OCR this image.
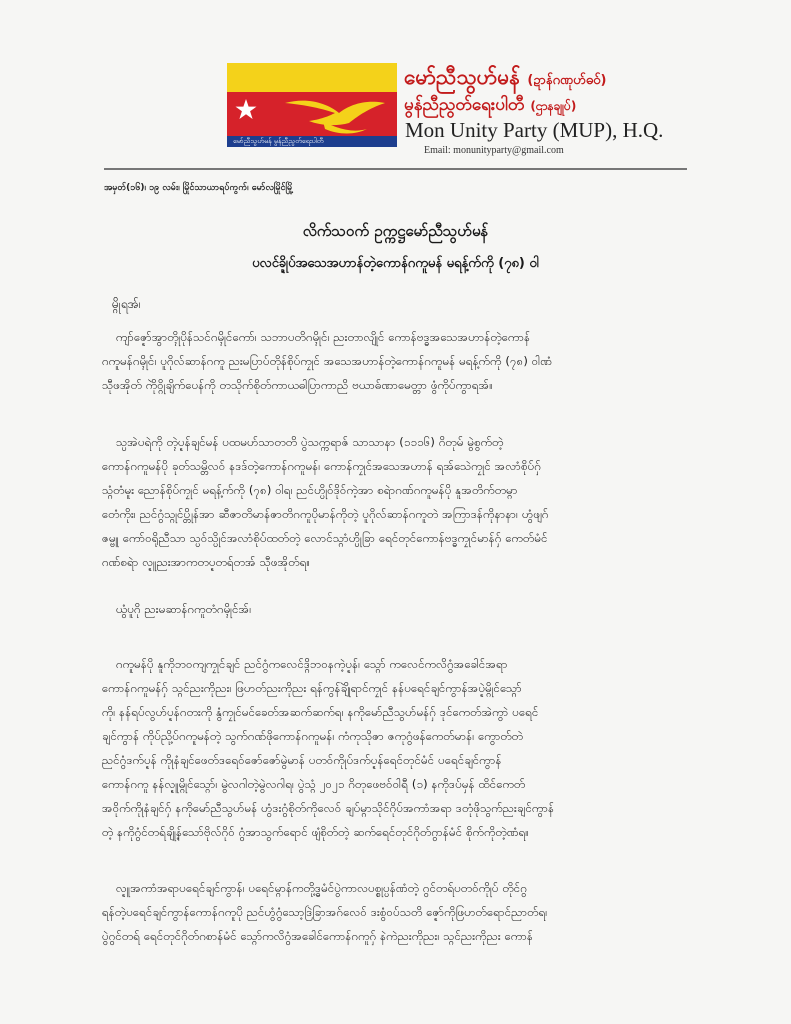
မော်ညီသွဟ်မန် မွန်ညီညွတ်ရေးပါတီ
မော်ညီသွဟ်မန် (ဍာန်ဂဏုဟ်ဓဝ်)
မွန်ညီညွတ်ရေးပါတီ (ဌာနချုပ်)
Mon Unity Party (MUP), H.Q.
Email: monunityparty@gmail.com
အမှတ်(၁၆)၊ ၁၉ လမ်း၊ မြိုင်သာယာရပ်ကွက်၊ မော်လမြိုင်မြို့
လိက်သဝက် ဥက္ကဋ္ဌမော်ညီသွဟ်မန်
ပလင်ခ္ဍိုပ်အသေအဟာန်တဲ့ကောန်ဂကူမန် မရန့်က်ကို (၇၈) ဝါ
မ္ဂိုရအ်၊
ကျာ်ဇ္ဍော်အွာတ္ၚိုပိုန်သင်ဂမ္ၚိုင်ကော်၊ သဘာပတိဂမ္ၚိုင်၊ ညးတာလျိုၚ် ကောန်ဗဒ္ဓအသေအဟာန်တဲ့ကောန်
ဂကူမန်ဂမ္ၚိုင်၊ ပူဂိုလ်ဆာန်ဂကူ ညးမပြာပ်တိုန်စိုပ်ကၠုင် အသေအဟာန်တဲ့ကောန်ဂကူမန် မရန့်က်ကို (၇၈) ဝါဏံ
သီုဖအိုတ် ကိုဲဝ္ဂိုချိက်ပေန်ကို တသိုက်စိုတ်ကာယဓါပြာကာညိ ဗယာဓ်ဏာမေတ္တာ ဖွံကိုပ်ကွာရအ်။
သ္ပအဲပရဲကို တ္ၚဲပ္ဍန်ချင်မန် ပထမဟ်သာတတိ ပွဲသက္ကရာဇ် သာသာနာ (၁၁၁၆) ဂိတုမ် မွဲစွက်တဲ့
ကောန်ဂကူမန်ပို ခုတ်သမ္တိလဝ် နဒဒ်တဲ့ကောန်ဂကူမန်၊ ကောန်ကၠုင်အသေအဟာန် ရအ်သေဲကၠုင် အလာံစိုပ်ဂှ်
သ္ဂံတံမူး ညောန်စိုပ်ကၠုင် မရန့်က်ကို (၇၈) ဝါရ၊ ညင်ဟ္ပိုဝ်ဒိုဝ်ကဲ့အာ စရဲာဂဏ်ဂကူမန်ပို နူအတိက်တမ္ဂာ
တေံကိုး၊ ညင်ဂွံသ္ဂုင်ပ္တိုန်အာ ဆီဇာတိမာန်ဇာတိဂကူပိုမာန်ကိုတဲ့ ပူဂိုလ်ဆာန်ဂကူတဲ အကြာဒန်ကိုနာနာ၊ ဟွံဖျဂ်
ဇမ္ဗူ ကော်ဝရိုညီသာ သ္ပဝ်သ္ပိုင်အလာံစိုပ်ထတ်တဲ့ လောင်သ္ဂာံဟ္ပိုခြာ ရေင်တုင်ကောန်ဗဒ္ဓကၠုင်မာန်ဂှ် ကေတ်မံင်
ဂဏ်စရဲာ လ္ဍူညးအာကတပ္ဍတရ်တအ် သီုဖအိုတ်ရ။
ယွံပူဂို ညးမဆာန်ဂကူတံဂမ္ၚိုင်အ်၊
ဂကူမန်ပို နူကိုဘဝကျကၠုင်ချင် ညင်ဂွံကလေင်ဒ္ဂိဘဝနကဲ့ပ္ဍန်၊ သ္ဂော် ကလေင်ကလိဂွံအခေါင်အရာ
ကောန်ဂကူမန်ဂှ် သ္ဂင်ညးကိုညး၊ ဖြဟတ်ညးကိုညး ရန်ကွန်ချိုဲရာင်ကၠုင် နန်ပရေင်ချင်ကွာန်အပ္ဍဲမ္ဂိုင်သ္ဂော်
ကို၊ နန်ရပ်လွဟ်ပ္ဍန်ဂတးကို နွံကၠုင်မင်ခေတ်အဆက်ဆက်ရ၊ နကိုမော်ညီသွဟ်မန်ဂှ် ဒုင်ကေတ်အဲကွာဲ ပရေင်
ချင်ကွာန် ကိုပ်ညို့ပ်ဂကူမန်တဲ့ သွက်ဂဏ်ဖိုကောန်ဂကူမန်၊ ကံကုသိုဇာ ဇကုဂွံဖန်ကေတ်မာန်၊ ကွောတ်တဲ
ညင်ဂွံဒက်ပ္ဍန် ကိုုနံချင်ဖေတ်ဒရေဝ်ဇော်ဇော်မွဲမာန် ပတဝ်ကိုုပ်ဒက်ပ္ဍန်ရေင်တုင်မံင် ပရေင်ချင်ကွာန်
ကောန်ဂကူ နန်လ္ဍူမ္ဂိုင်သ္ဂော်၊ မွဲလဂါတဲ့မွဲလဂါရ၊ ပွဲသ္ဂံ ၂၀၂၁ ဂိတုဖေဗဝ်ဝါရီ (၁) နကိုဒပ်မှန် ထိင်ကေတ်
အဝိုက်ကိုုနံချင်ဂှ် နကိုမော်ညီသွဟ်မန် ဟွံဒးဂွံစိုတ်ကိုလေဝ် ချပ်မ္ဂာသိုင်ဂိုပ်အကာံအရာ ဒတုံဖိုသွက်ညးချင်ကွာန်
တဲ့ နကိုဂွံင်တရ်ချို့န်သော်ဗိုလ်ဂိုဝ် ဂွံအာသွက်ရောင် ဖျံစိုတ်တဲ့ ဆက်ရေင်တုင်ဂိုတ်ဂွာန်မံင် စိုက်ကိုတဲ့ဏံရ။
လ္ဍူအကာံအရာပရေင်ချင်ကွာန်၊ ပရေင်မ္ဂာန်ကတို့ဒ္ဓမံင်ပွဲကာလပစ္စုပ္ပန်ဏံတဲ့ ဂွင်တရ်ပတဝ်ကိုုပ် တိုင်ဂွ
ရန်တဲ့ပရေင်ချင်ကွာန်ကောန်ဂကူပို ညင်ဟွံဂွံသော့ဒြဲခြာအဂ်လေဝ် ဒးစွံဝပ်သတိ ဇ္ဍော်ကိုဖြဟတ်ရောင်ညာတ်ရ၊
ပွဲဂွင်တရ် ရေင်တုင်ဂိုတ်ဂစာန်မံင် သ္ဂော်ကလိဂွံအခေါင်ကောန်ဂကူဂှ် နဲကဲညးကိုညး၊ သ္ဂင်ညးကိုညး ကောန်
